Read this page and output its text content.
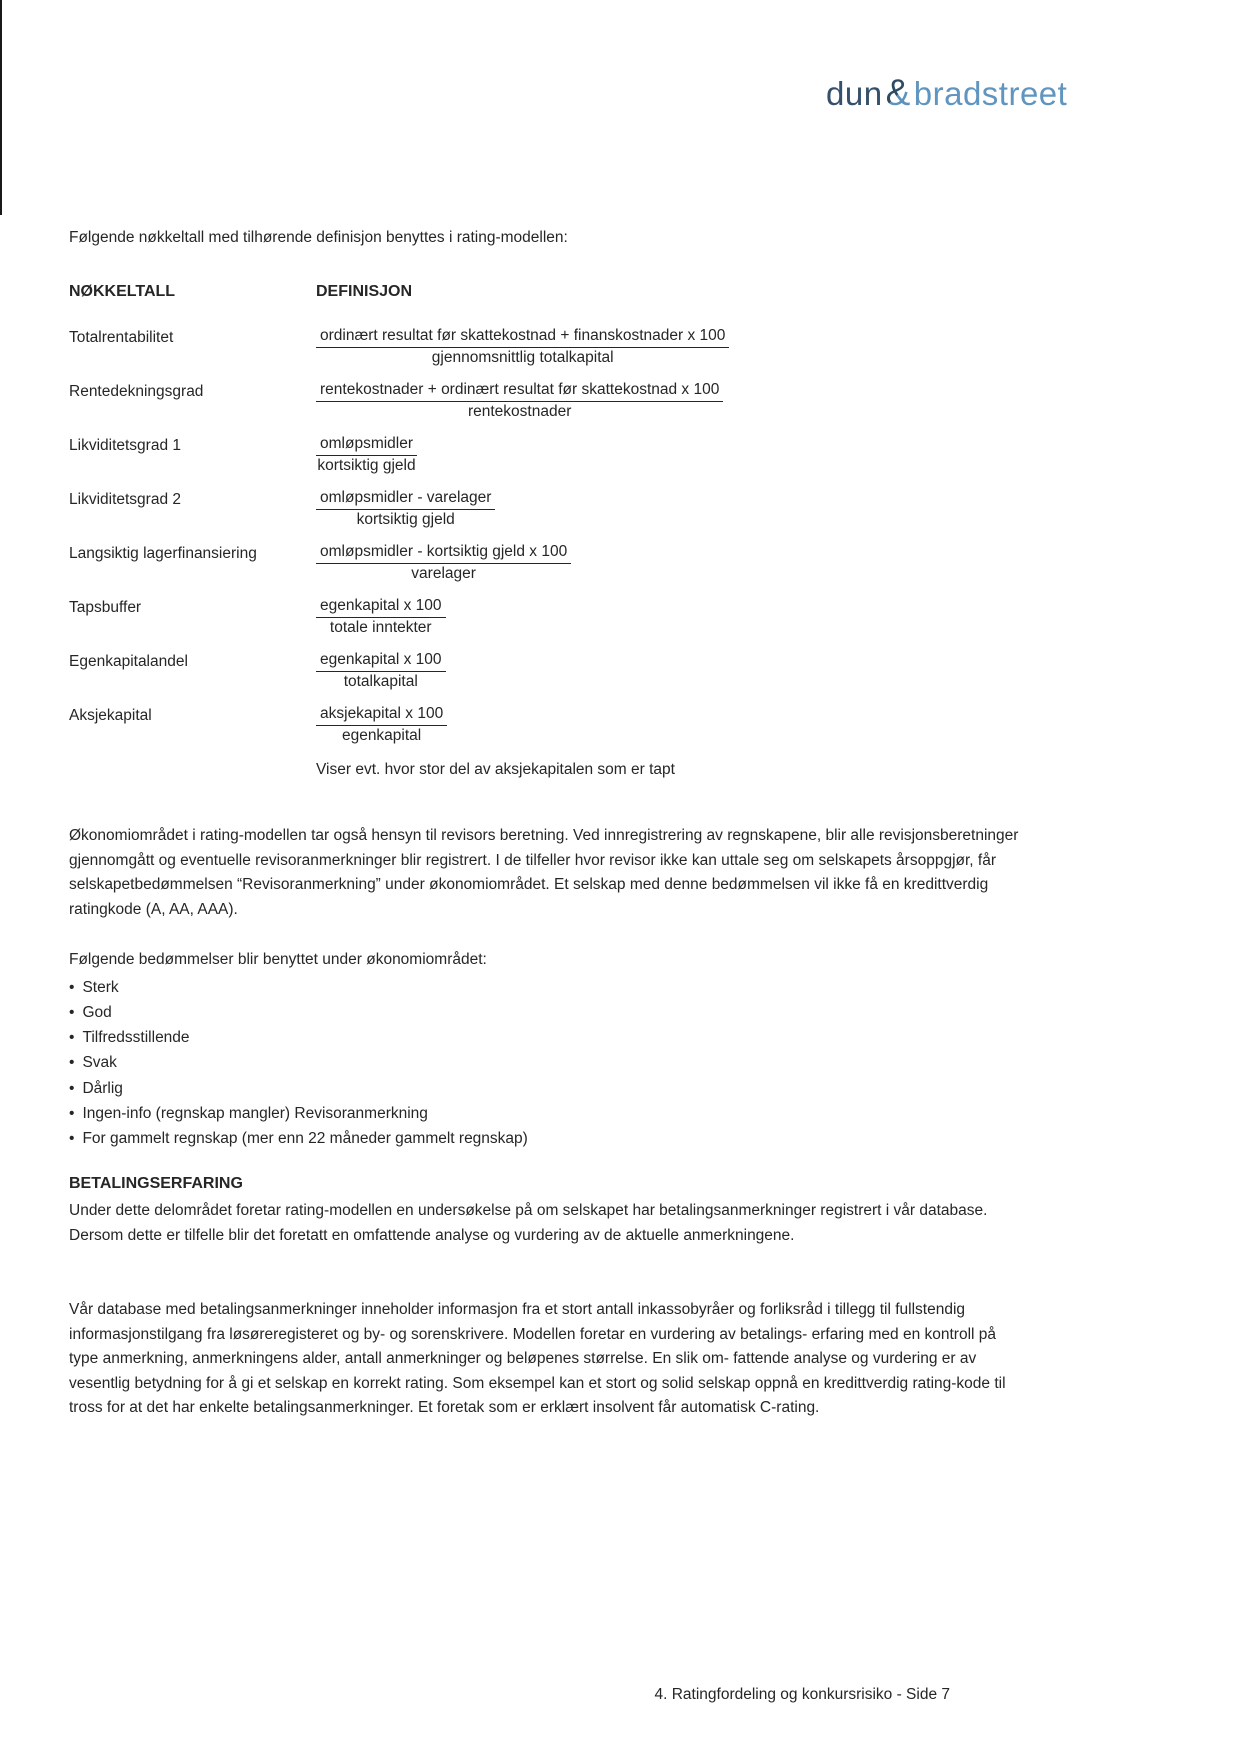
dun&bradstreet
Følgende nøkkeltall med tilhørende definisjon benyttes i rating-modellen:
NØKKELTALL	DEFINISJON
Totalrentabilitet	$\frac{\text{ordinært resultat før skattekostnad + finanskostnader x 100}}{\text{gjennomsnittlig totalkapital}}$
Rentedekningsgrad	$\frac{\text{rentekostnader + ordinært resultat før skattekostnad x 100}}{\text{rentekostnader}}$
Likviditetsgrad 1	$\frac{\text{omløpsmidler}}{\text{kortsiktig gjeld}}$
Likviditetsgrad 2	$\frac{\text{omløpsmidler - varelager}}{\text{kortsiktig gjeld}}$
Langsiktig lagerfinansiering	$\frac{\text{omløpsmidler - kortsiktig gjeld x 100}}{\text{varelager}}$
Tapsbuffer	$\frac{\text{egenkapital x 100}}{\text{totale inntekter}}$
Egenkapitalandel	$\frac{\text{egenkapital x 100}}{\text{totalkapital}}$
Aksjekapital	$\frac{\text{aksjekapital x 100}}{\text{egenkapital}}$
Viser evt. hvor stor del av aksjekapitalen som er tapt
Økonomiområdet i rating-modellen tar også hensyn til revisors beretning. Ved innregistrering av regnskapene, blir alle revisjonsberetninger gjennomgått og eventuelle revisoranmerkninger blir registrert. I de tilfeller hvor revisor ikke kan uttale seg om selskapets årsoppgjør, får selskapetbedømmelsen “Revisoranmerkning” under økonomiområdet. Et selskap med denne bedømmelsen vil ikke få en kredittverdig ratingkode (A, AA, AAA).
Følgende bedømmelser blir benyttet under økonomiområdet:
• Sterk
• God
• Tilfredsstillende
• Svak
• Dårlig
• Ingen-info (regnskap mangler) Revisoranmerkning
• For gammelt regnskap (mer enn 22 måneder gammelt regnskap)
BETALINGSERFARING
Under dette delområdet foretar rating-modellen en undersøkelse på om selskapet har betalingsanmerkninger registrert i vår database. Dersom dette er tilfelle blir det foretatt en omfattende analyse og vurdering av de aktuelle anmerkningene.
Vår database med betalingsanmerkninger inneholder informasjon fra et stort antall inkassobyråer og forliksråd i tillegg til fullstendig informasjonstilgang fra løsøreregisteret og by- og sorenskrivere. Modellen foretar en vurdering av betalings- erfaring med en kontroll på type anmerkning, anmerkningens alder, antall anmerkninger og beløpenes størrelse. En slik om- fattende analyse og vurdering er av vesentlig betydning for å gi et selskap en korrekt rating. Som eksempel kan et stort og solid selskap oppnå en kredittverdig rating-kode til tross for at det har enkelte betalingsanmerkninger. Et foretak som er erklært insolvent får automatisk C-rating.
4. Ratingfordeling og konkursrisiko - Side 7
